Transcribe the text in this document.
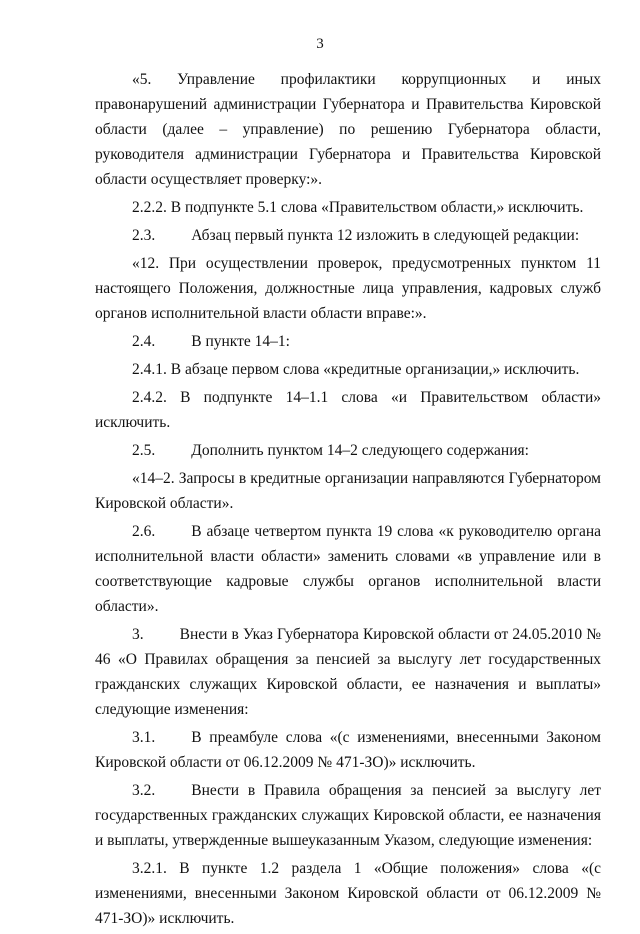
3

«5. Управление профилактики коррупционных и иных правонарушений администрации Губернатора и Правительства Кировской области (далее – управление) по решению Губернатора области, руководителя администрации Губернатора и Правительства Кировской области осуществляет проверку:».

2.2.2. В подпункте 5.1 слова «Правительством области,» исключить.

2.3. Абзац первый пункта 12 изложить в следующей редакции:

«12. При осуществлении проверок, предусмотренных пунктом 11 настоящего Положения, должностные лица управления, кадровых служб органов исполнительной власти области вправе:».

2.4. В пункте 14–1:

2.4.1. В абзаце первом слова «кредитные организации,» исключить.

2.4.2. В подпункте 14–1.1 слова «и Правительством области» исключить.

2.5. Дополнить пунктом 14–2 следующего содержания:

«14–2. Запросы в кредитные организации направляются Губернатором Кировской области».

2.6. В абзаце четвертом пункта 19 слова «к руководителю органа исполнительной власти области» заменить словами «в управление или в соответствующие кадровые службы органов исполнительной власти области».

3. Внести в Указ Губернатора Кировской области от 24.05.2010 № 46 «О Правилах обращения за пенсией за выслугу лет государственных гражданских служащих Кировской области, ее назначения и выплаты» следующие изменения:

3.1. В преамбуле слова «(с изменениями, внесенными Законом Кировской области от 06.12.2009 № 471-ЗО)» исключить.

3.2. Внести в Правила обращения за пенсией за выслугу лет государственных гражданских служащих Кировской области, ее назначения и выплаты, утвержденные вышеуказанным Указом, следующие изменения:

3.2.1. В пункте 1.2 раздела 1 «Общие положения» слова «(с изменениями, внесенными Законом Кировской области от 06.12.2009 № 471-ЗО)» исключить.
